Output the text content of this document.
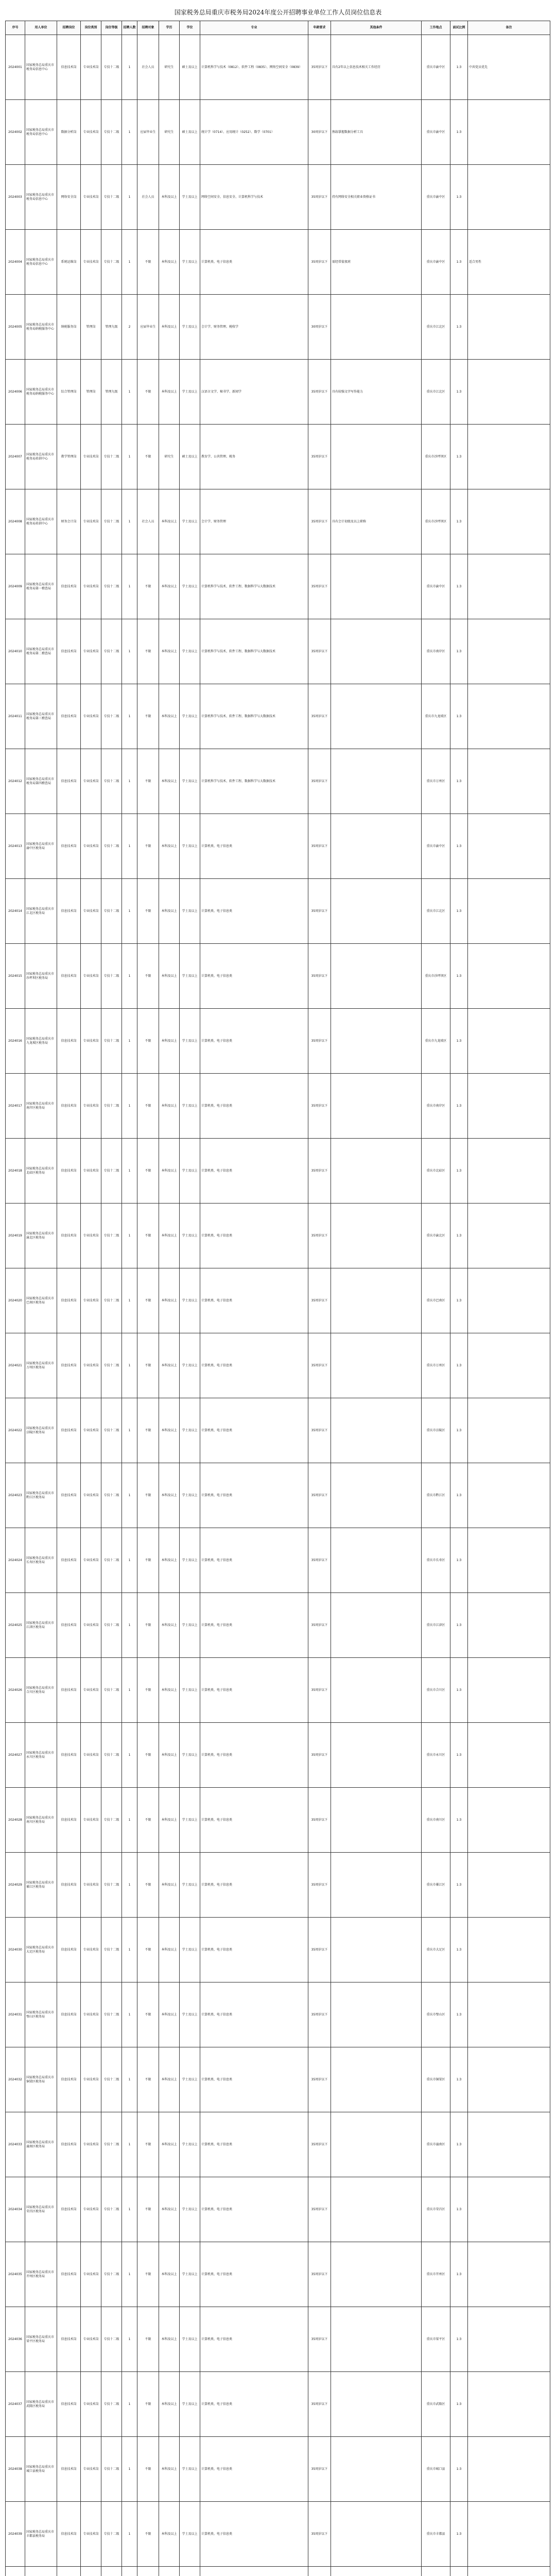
国家税务总局重庆市税务局2024年度公开招聘事业单位工作人员岗位信息表
序号	用人单位	招聘岗位	岗位类别	岗位等级	招聘人数	招聘对象	学历	学位	专业	年龄要求	其他条件	工作地点	面试比例	备注
2024001	国家税务总局重庆市税务局信息中心	信息技术岗	专业技术岗	专技十二级	1	社会人员	研究生	硕士及以上	计算机科学与技术（0812）、软件工程（0835）、网络空间安全（0839）	35周岁以下	具有2年以上信息技术相关工作经历	重庆市渝中区	1:3	中共党员优先
2024002	国家税务总局重庆市税务局信息中心	数据分析岗	专业技术岗	专技十二级	1	应届毕业生	研究生	硕士及以上	统计学（0714）、应用统计（0252）、数学（0701）	30周岁以下	熟练掌握数据分析工具	重庆市渝中区	1:3	
2024003	国家税务总局重庆市税务局信息中心	网络安全岗	专业技术岗	专技十二级	1	社会人员	本科及以上	学士及以上	网络空间安全、信息安全、计算机科学与技术	35周岁以下	持有网络安全相关职业资格证书	重庆市渝中区	1:3	
2024004	国家税务总局重庆市税务局信息中心	系统运维岗	专业技术岗	专技十二级	1	不限	本科及以上	学士及以上	计算机类、电子信息类	35周岁以下	需经常值夜班	重庆市渝中区	1:3	适合男性
2024005	国家税务总局重庆市税务局纳税服务中心	纳税服务岗	管理岗	管理九级	2	应届毕业生	本科及以上	学士及以上	会计学、财务管理、税收学	30周岁以下		重庆市江北区	1:3	
2024006	国家税务总局重庆市税务局纳税服务中心	综合管理岗	管理岗	管理九级	1	不限	本科及以上	学士及以上	汉语言文学、秘书学、新闻学	35周岁以下	具有较强文字写作能力	重庆市江北区	1:3	
2024007	国家税务总局重庆市税务局培训中心	教学管理岗	专业技术岗	专技十二级	1	不限	研究生	硕士及以上	教育学、公共管理、税务	35周岁以下		重庆市沙坪坝区	1:3	
2024008	国家税务总局重庆市税务局培训中心	财务会计岗	专业技术岗	专技十二级	1	社会人员	本科及以上	学士及以上	会计学、财务管理	35周岁以下	具有会计初级及以上职称	重庆市沙坪坝区	1:3	
2024009	国家税务总局重庆市税务局第一稽查局	信息技术岗	专业技术岗	专技十二级	1	不限	本科及以上	学士及以上	计算机科学与技术、软件工程、数据科学与大数据技术	35周岁以下		重庆市渝中区	1:3	
2024010	国家税务总局重庆市税务局第二稽查局	信息技术岗	专业技术岗	专技十二级	1	不限	本科及以上	学士及以上	计算机科学与技术、软件工程、数据科学与大数据技术	35周岁以下		重庆市南岸区	1:3	
2024011	国家税务总局重庆市税务局第三稽查局	信息技术岗	专业技术岗	专技十二级	1	不限	本科及以上	学士及以上	计算机科学与技术、软件工程、数据科学与大数据技术	35周岁以下		重庆市九龙坡区	1:3	
2024012	国家税务总局重庆市税务局第四稽查局	信息技术岗	专业技术岗	专技十二级	1	不限	本科及以上	学士及以上	计算机科学与技术、软件工程、数据科学与大数据技术	35周岁以下		重庆市万州区	1:3	
2024013	国家税务总局重庆市渝中区税务局	信息技术岗	专业技术岗	专技十二级	1	不限	本科及以上	学士及以上	计算机类、电子信息类	35周岁以下		重庆市渝中区	1:3	
2024014	国家税务总局重庆市江北区税务局	信息技术岗	专业技术岗	专技十二级	1	不限	本科及以上	学士及以上	计算机类、电子信息类	35周岁以下		重庆市江北区	1:3	
2024015	国家税务总局重庆市沙坪坝区税务局	信息技术岗	专业技术岗	专技十二级	1	不限	本科及以上	学士及以上	计算机类、电子信息类	35周岁以下		重庆市沙坪坝区	1:3	
2024016	国家税务总局重庆市九龙坡区税务局	信息技术岗	专业技术岗	专技十二级	1	不限	本科及以上	学士及以上	计算机类、电子信息类	35周岁以下		重庆市九龙坡区	1:3	
2024017	国家税务总局重庆市南岸区税务局	信息技术岗	专业技术岗	专技十二级	1	不限	本科及以上	学士及以上	计算机类、电子信息类	35周岁以下		重庆市南岸区	1:3	
2024018	国家税务总局重庆市北碚区税务局	信息技术岗	专业技术岗	专技十二级	1	不限	本科及以上	学士及以上	计算机类、电子信息类	35周岁以下		重庆市北碚区	1:3	
2024019	国家税务总局重庆市渝北区税务局	信息技术岗	专业技术岗	专技十二级	1	不限	本科及以上	学士及以上	计算机类、电子信息类	35周岁以下		重庆市渝北区	1:3	
2024020	国家税务总局重庆市巴南区税务局	信息技术岗	专业技术岗	专技十二级	1	不限	本科及以上	学士及以上	计算机类、电子信息类	35周岁以下		重庆市巴南区	1:3	
2024021	国家税务总局重庆市万州区税务局	信息技术岗	专业技术岗	专技十二级	1	不限	本科及以上	学士及以上	计算机类、电子信息类	35周岁以下		重庆市万州区	1:3	
2024022	国家税务总局重庆市涪陵区税务局	信息技术岗	专业技术岗	专技十二级	1	不限	本科及以上	学士及以上	计算机类、电子信息类	35周岁以下		重庆市涪陵区	1:3	
2024023	国家税务总局重庆市黔江区税务局	信息技术岗	专业技术岗	专技十二级	1	不限	本科及以上	学士及以上	计算机类、电子信息类	35周岁以下		重庆市黔江区	1:3	
2024024	国家税务总局重庆市长寿区税务局	信息技术岗	专业技术岗	专技十二级	1	不限	本科及以上	学士及以上	计算机类、电子信息类	35周岁以下		重庆市长寿区	1:3	
2024025	国家税务总局重庆市江津区税务局	信息技术岗	专业技术岗	专技十二级	1	不限	本科及以上	学士及以上	计算机类、电子信息类	35周岁以下		重庆市江津区	1:3	
2024026	国家税务总局重庆市合川区税务局	信息技术岗	专业技术岗	专技十二级	1	不限	本科及以上	学士及以上	计算机类、电子信息类	35周岁以下		重庆市合川区	1:3	
2024027	国家税务总局重庆市永川区税务局	信息技术岗	专业技术岗	专技十二级	1	不限	本科及以上	学士及以上	计算机类、电子信息类	35周岁以下		重庆市永川区	1:3	
2024028	国家税务总局重庆市南川区税务局	信息技术岗	专业技术岗	专技十二级	1	不限	本科及以上	学士及以上	计算机类、电子信息类	35周岁以下		重庆市南川区	1:3	
2024029	国家税务总局重庆市綦江区税务局	信息技术岗	专业技术岗	专技十二级	1	不限	本科及以上	学士及以上	计算机类、电子信息类	35周岁以下		重庆市綦江区	1:3	
2024030	国家税务总局重庆市大足区税务局	信息技术岗	专业技术岗	专技十二级	1	不限	本科及以上	学士及以上	计算机类、电子信息类	35周岁以下		重庆市大足区	1:3	
2024031	国家税务总局重庆市璧山区税务局	信息技术岗	专业技术岗	专技十二级	1	不限	本科及以上	学士及以上	计算机类、电子信息类	35周岁以下		重庆市璧山区	1:3	
2024032	国家税务总局重庆市铜梁区税务局	信息技术岗	专业技术岗	专技十二级	1	不限	本科及以上	学士及以上	计算机类、电子信息类	35周岁以下		重庆市铜梁区	1:3	
2024033	国家税务总局重庆市潼南区税务局	信息技术岗	专业技术岗	专技十二级	1	不限	本科及以上	学士及以上	计算机类、电子信息类	35周岁以下		重庆市潼南区	1:3	
2024034	国家税务总局重庆市荣昌区税务局	信息技术岗	专业技术岗	专技十二级	1	不限	本科及以上	学士及以上	计算机类、电子信息类	35周岁以下		重庆市荣昌区	1:3	
2024035	国家税务总局重庆市开州区税务局	信息技术岗	专业技术岗	专技十二级	1	不限	本科及以上	学士及以上	计算机类、电子信息类	35周岁以下		重庆市开州区	1:3	
2024036	国家税务总局重庆市梁平区税务局	信息技术岗	专业技术岗	专技十二级	1	不限	本科及以上	学士及以上	计算机类、电子信息类	35周岁以下		重庆市梁平区	1:3	
2024037	国家税务总局重庆市武隆区税务局	信息技术岗	专业技术岗	专技十二级	1	不限	本科及以上	学士及以上	计算机类、电子信息类	35周岁以下		重庆市武隆区	1:3	
2024038	国家税务总局重庆市城口县税务局	信息技术岗	专业技术岗	专技十二级	1	不限	本科及以上	学士及以上	计算机类、电子信息类	35周岁以下		重庆市城口县	1:3	
2024039	国家税务总局重庆市丰都县税务局	信息技术岗	专业技术岗	专技十二级	1	不限	本科及以上	学士及以上	计算机类、电子信息类	35周岁以下		重庆市丰都县	1:3	
